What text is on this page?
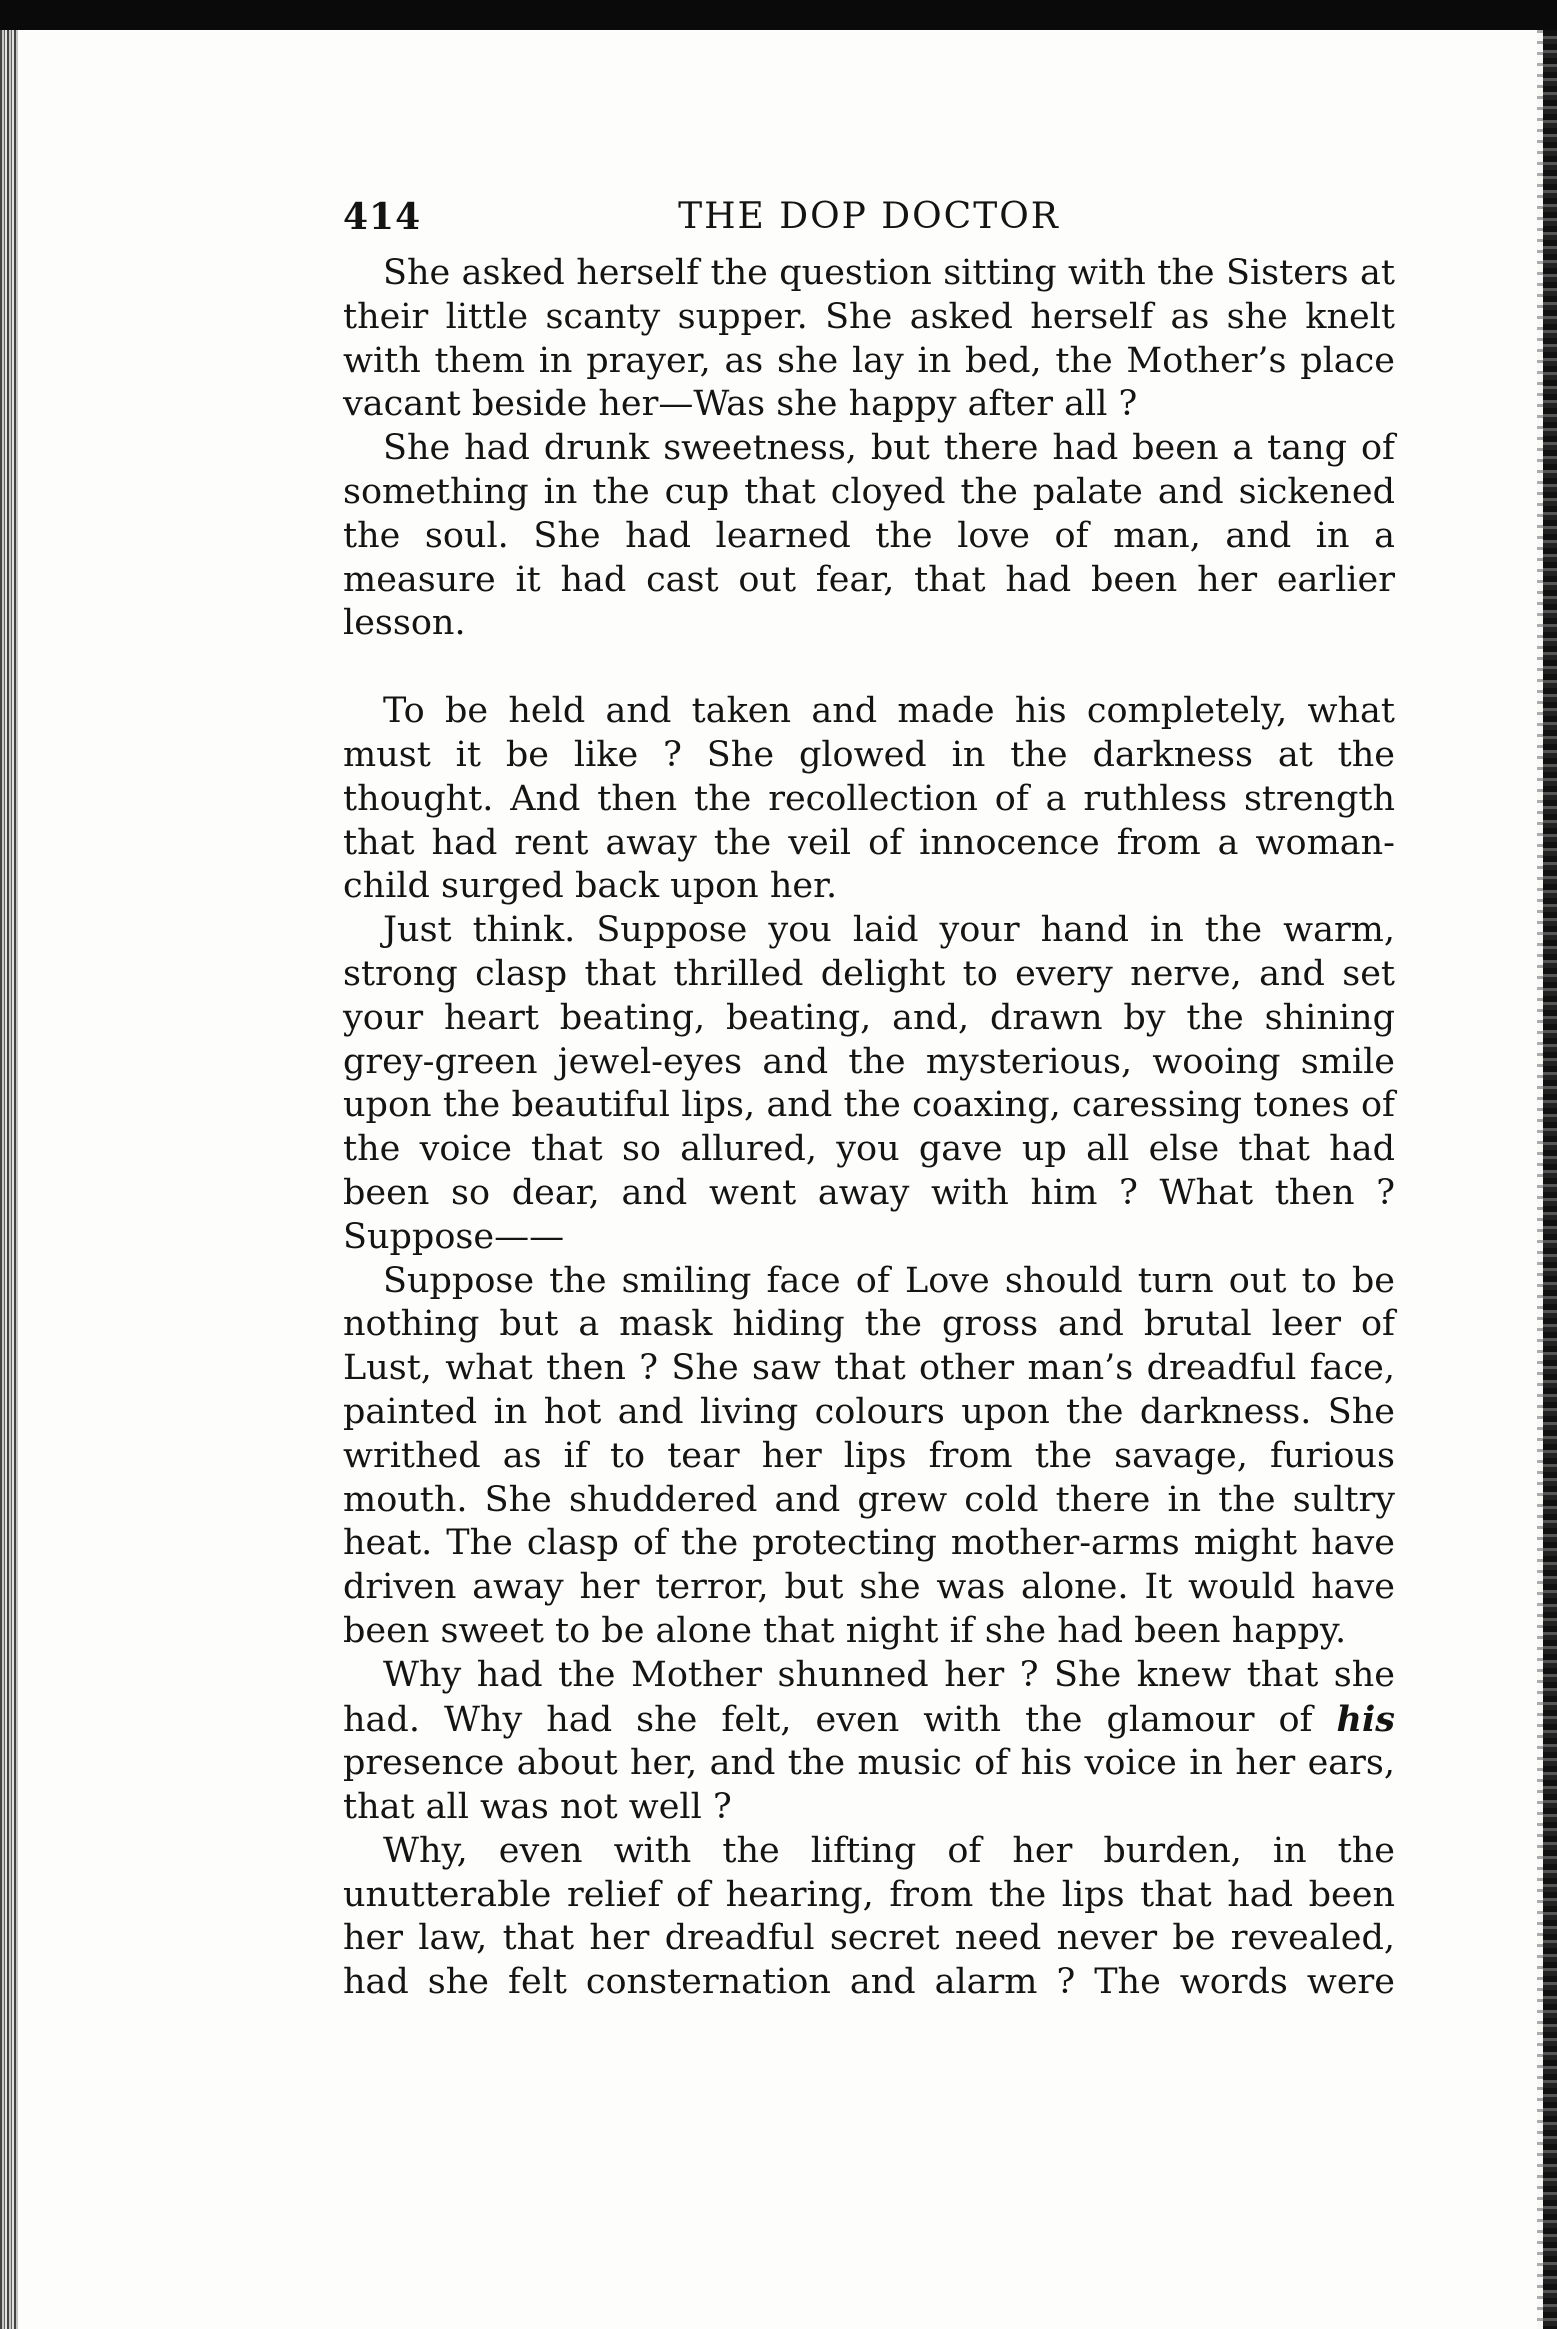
414	THE DOP DOCTOR

She asked herself the question sitting with the Sisters at their little scanty supper. She asked herself as she knelt with them in prayer, as she lay in bed, the Mother’s place vacant beside her—Was she happy after all ?

She had drunk sweetness, but there had been a tang of something in the cup that cloyed the palate and sickened the soul. She had learned the love of man, and in a measure it had cast out fear, that had been her earlier lesson.

To be held and taken and made his completely, what must it be like ? She glowed in the darkness at the thought. And then the recollection of a ruthless strength that had rent away the veil of innocence from a woman-child surged back upon her.

Just think. Suppose you laid your hand in the warm, strong clasp that thrilled delight to every nerve, and set your heart beating, beating, and, drawn by the shining grey-green jewel-eyes and the mysterious, wooing smile upon the beautiful lips, and the coaxing, caressing tones of the voice that so allured, you gave up all else that had been so dear, and went away with him ? What then ? Suppose——

Suppose the smiling face of Love should turn out to be nothing but a mask hiding the gross and brutal leer of Lust, what then ? She saw that other man’s dreadful face, painted in hot and living colours upon the darkness. She writhed as if to tear her lips from the savage, furious mouth. She shuddered and grew cold there in the sultry heat. The clasp of the protecting mother-arms might have driven away her terror, but she was alone. It would have been sweet to be alone that night if she had been happy.

Why had the Mother shunned her ? She knew that she had. Why had she felt, even with the glamour of his presence about her, and the music of his voice in her ears, that all was not well ?

Why, even with the lifting of her burden, in the unutterable relief of hearing, from the lips that had been her law, that her dreadful secret need never be revealed, had she felt consternation and alarm ? The words were
